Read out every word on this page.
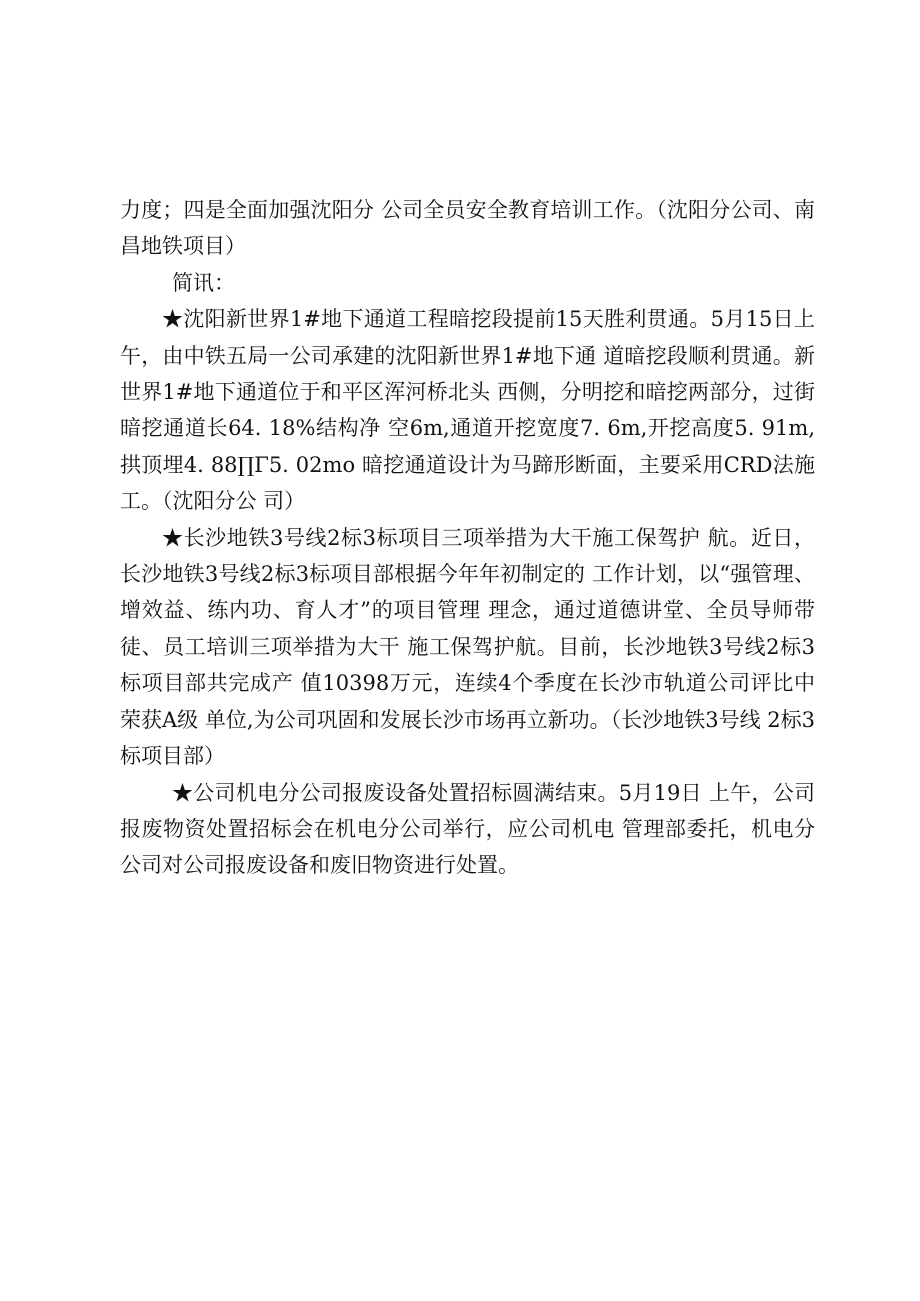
力度；四是全面加强沈阳分 公司全员安全教育培训工作。（沈阳分公司、南昌地铁项目）

简讯：

★沈阳新世界1#地下通道工程暗挖段提前15天胜利贯通。5月15日上午，由中铁五局一公司承建的沈阳新世界1#地下通 道暗挖段顺利贯通。新世界1#地下通道位于和平区浑河桥北头 西侧，分明挖和暗挖两部分，过街暗挖通道长64. 18%结构净 空6m,通道开挖宽度7. 6m,开挖高度5. 91m,拱顶埋4. 88∏Γ5. 02mo 暗挖通道设计为马蹄形断面，主要采用CRD法施工。（沈阳分公 司）

★长沙地铁3号线2标3标项目三项举措为大干施工保驾护 航。近日，长沙地铁3号线2标3标项目部根据今年年初制定的 工作计划，以“强管理、增效益、练内功、育人才”的项目管理 理念，通过道德讲堂、全员导师带徒、员工培训三项举措为大干 施工保驾护航。目前，长沙地铁3号线2标3标项目部共完成产 值10398万元，连续4个季度在长沙市轨道公司评比中荣获A级 单位,为公司巩固和发展长沙市场再立新功。（长沙地铁3号线 2标3标项目部）

★公司机电分公司报废设备处置招标圆满结束。5月19日 上午，公司报废物资处置招标会在机电分公司举行，应公司机电 管理部委托，机电分公司对公司报废设备和废旧物资进行处置。
